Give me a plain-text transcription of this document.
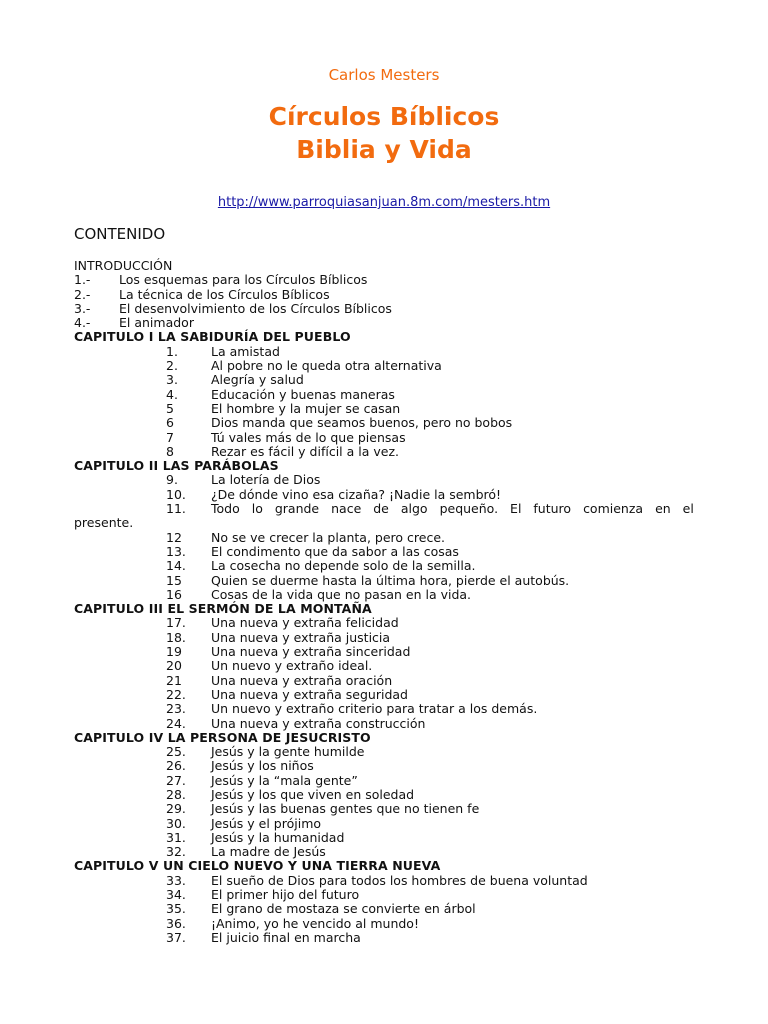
Carlos Mesters
Círculos Bíblicos
Biblia y Vida
http://www.parroquiasanjuan.8m.com/mesters.htm
CONTENIDO
INTRODUCCIÓN
1.- Los esquemas para los Círculos Bíblicos
2.- La técnica de los Círculos Bíblicos
3.- El desenvolvimiento de los Círculos Bíblicos
4.- El animador
CAPITULO I LA SABIDURÍA DEL PUEBLO
1.	La amistad
2.	Al pobre no le queda otra alternativa
3.	Alegría y salud
4.	Educación y buenas maneras
5	El hombre y la mujer se casan
6	Dios manda que seamos buenos, pero no bobos
7	Tú vales más de lo que piensas
8	Rezar es fácil y difícil a la vez.
CAPITULO II LAS PARÁBOLAS
9.	La lotería de Dios
10.	¿De dónde vino esa cizaña? ¡Nadie la sembró!
11.	Todo lo grande nace de algo pequeño. El futuro comienza en el
presente.
12	No se ve crecer la planta, pero crece.
13.	El condimento que da sabor a las cosas
14.	La cosecha no depende solo de la semilla.
15	Quien se duerme hasta la última hora, pierde el autobús.
16	Cosas de la vida que no pasan en la vida.
CAPITULO III EL SERMÓN DE LA MONTAÑA
17.	Una nueva y extraña felicidad
18.	Una nueva y extraña justicia
19	Una nueva y extraña sinceridad
20	Un nuevo y extraño ideal.
21	Una nueva y extraña oración
22.	Una nueva y extraña seguridad
23.	Un nuevo y extraño criterio para tratar a los demás.
24.	Una nueva y extraña construcción
CAPITULO IV LA PERSONA DE JESUCRISTO
25.	Jesús y la gente humilde
26.	Jesús y los niños
27.	Jesús y la “mala gente”
28.	Jesús y los que viven en soledad
29.	Jesús y las buenas gentes que no tienen fe
30.	Jesús y el prójimo
31.	Jesús y la humanidad
32.	La madre de Jesús
CAPITULO V UN CIELO NUEVO Y UNA TIERRA NUEVA
33.	El sueño de Dios para todos los hombres de buena voluntad
34.	El primer hijo del futuro
35.	El grano de mostaza se convierte en árbol
36.	¡Animo, yo he vencido al mundo!
37.	El juicio final en marcha
